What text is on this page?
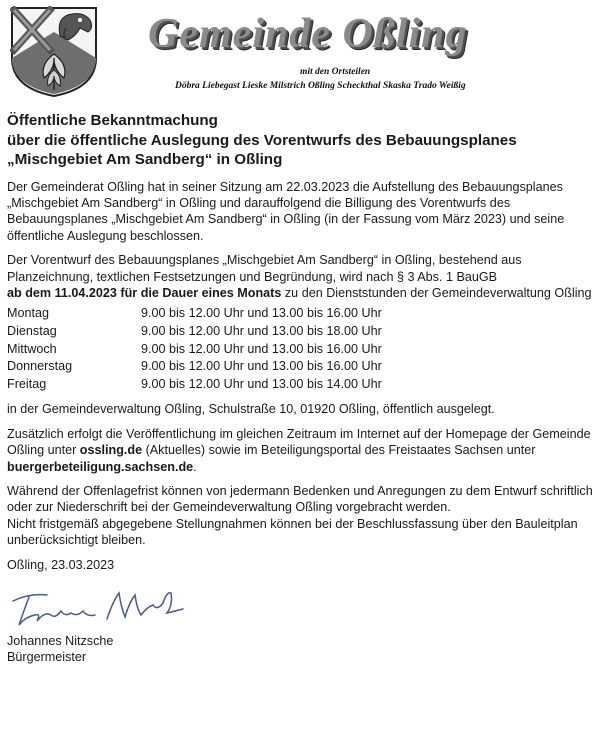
Gemeinde Oßling
mit den Ortsteilen
Döbra Liebegast Lieske Milstrich Oßling Scheckthal Skaska Trado Weißig

Öffentliche Bekanntmachung

über die öffentliche Auslegung des Vorentwurfs des Bebauungsplanes

„Mischgebiet Am Sandberg“ in Oßling

Der Gemeinderat Oßling hat in seiner Sitzung am 22.03.2023 die Aufstellung des Bebauungsplanes „Mischgebiet Am Sandberg“ in Oßling und darauffolgend die Billigung des Vorentwurfs des Bebauungsplanes „Mischgebiet Am Sandberg“ in Oßling (in der Fassung vom März 2023) und seine öffentliche Auslegung beschlossen.

Der Vorentwurf des Bebauungsplanes „Mischgebiet Am Sandberg“ in Oßling, bestehend aus Planzeichnung, textlichen Festsetzungen und Begründung, wird nach § 3 Abs. 1 BauGB
ab dem 11.04.2023 für die Dauer eines Monats zu den Dienststunden der Gemeindeverwaltung Oßling

Montag	9.00 bis 12.00 Uhr und 13.00 bis 16.00 Uhr
Dienstag	9.00 bis 12.00 Uhr und 13.00 bis 18.00 Uhr
Mittwoch	9.00 bis 12.00 Uhr und 13.00 bis 16.00 Uhr
Donnerstag	9.00 bis 12.00 Uhr und 13.00 bis 16.00 Uhr
Freitag	9.00 bis 12.00 Uhr und 13.00 bis 14.00 Uhr

in der Gemeindeverwaltung Oßling, Schulstraße 10, 01920 Oßling, öffentlich ausgelegt.

Zusätzlich erfolgt die Veröffentlichung im gleichen Zeitraum im Internet auf der Homepage der Gemeinde Oßling unter ossling.de (Aktuelles) sowie im Beteiligungsportal des Freistaates Sachsen unter buergerbeteiligung.sachsen.de.

Während der Offenlagefrist können von jedermann Bedenken und Anregungen zu dem Entwurf schriftlich oder zur Niederschrift bei der Gemeindeverwaltung Oßling vorgebracht werden.

Nicht fristgemäß abgegebene Stellungnahmen können bei der Beschlussfassung über den Bauleitplan unberücksichtigt bleiben.

Oßling, 23.03.2023

Johannes Nitzsche

Bürgermeister
